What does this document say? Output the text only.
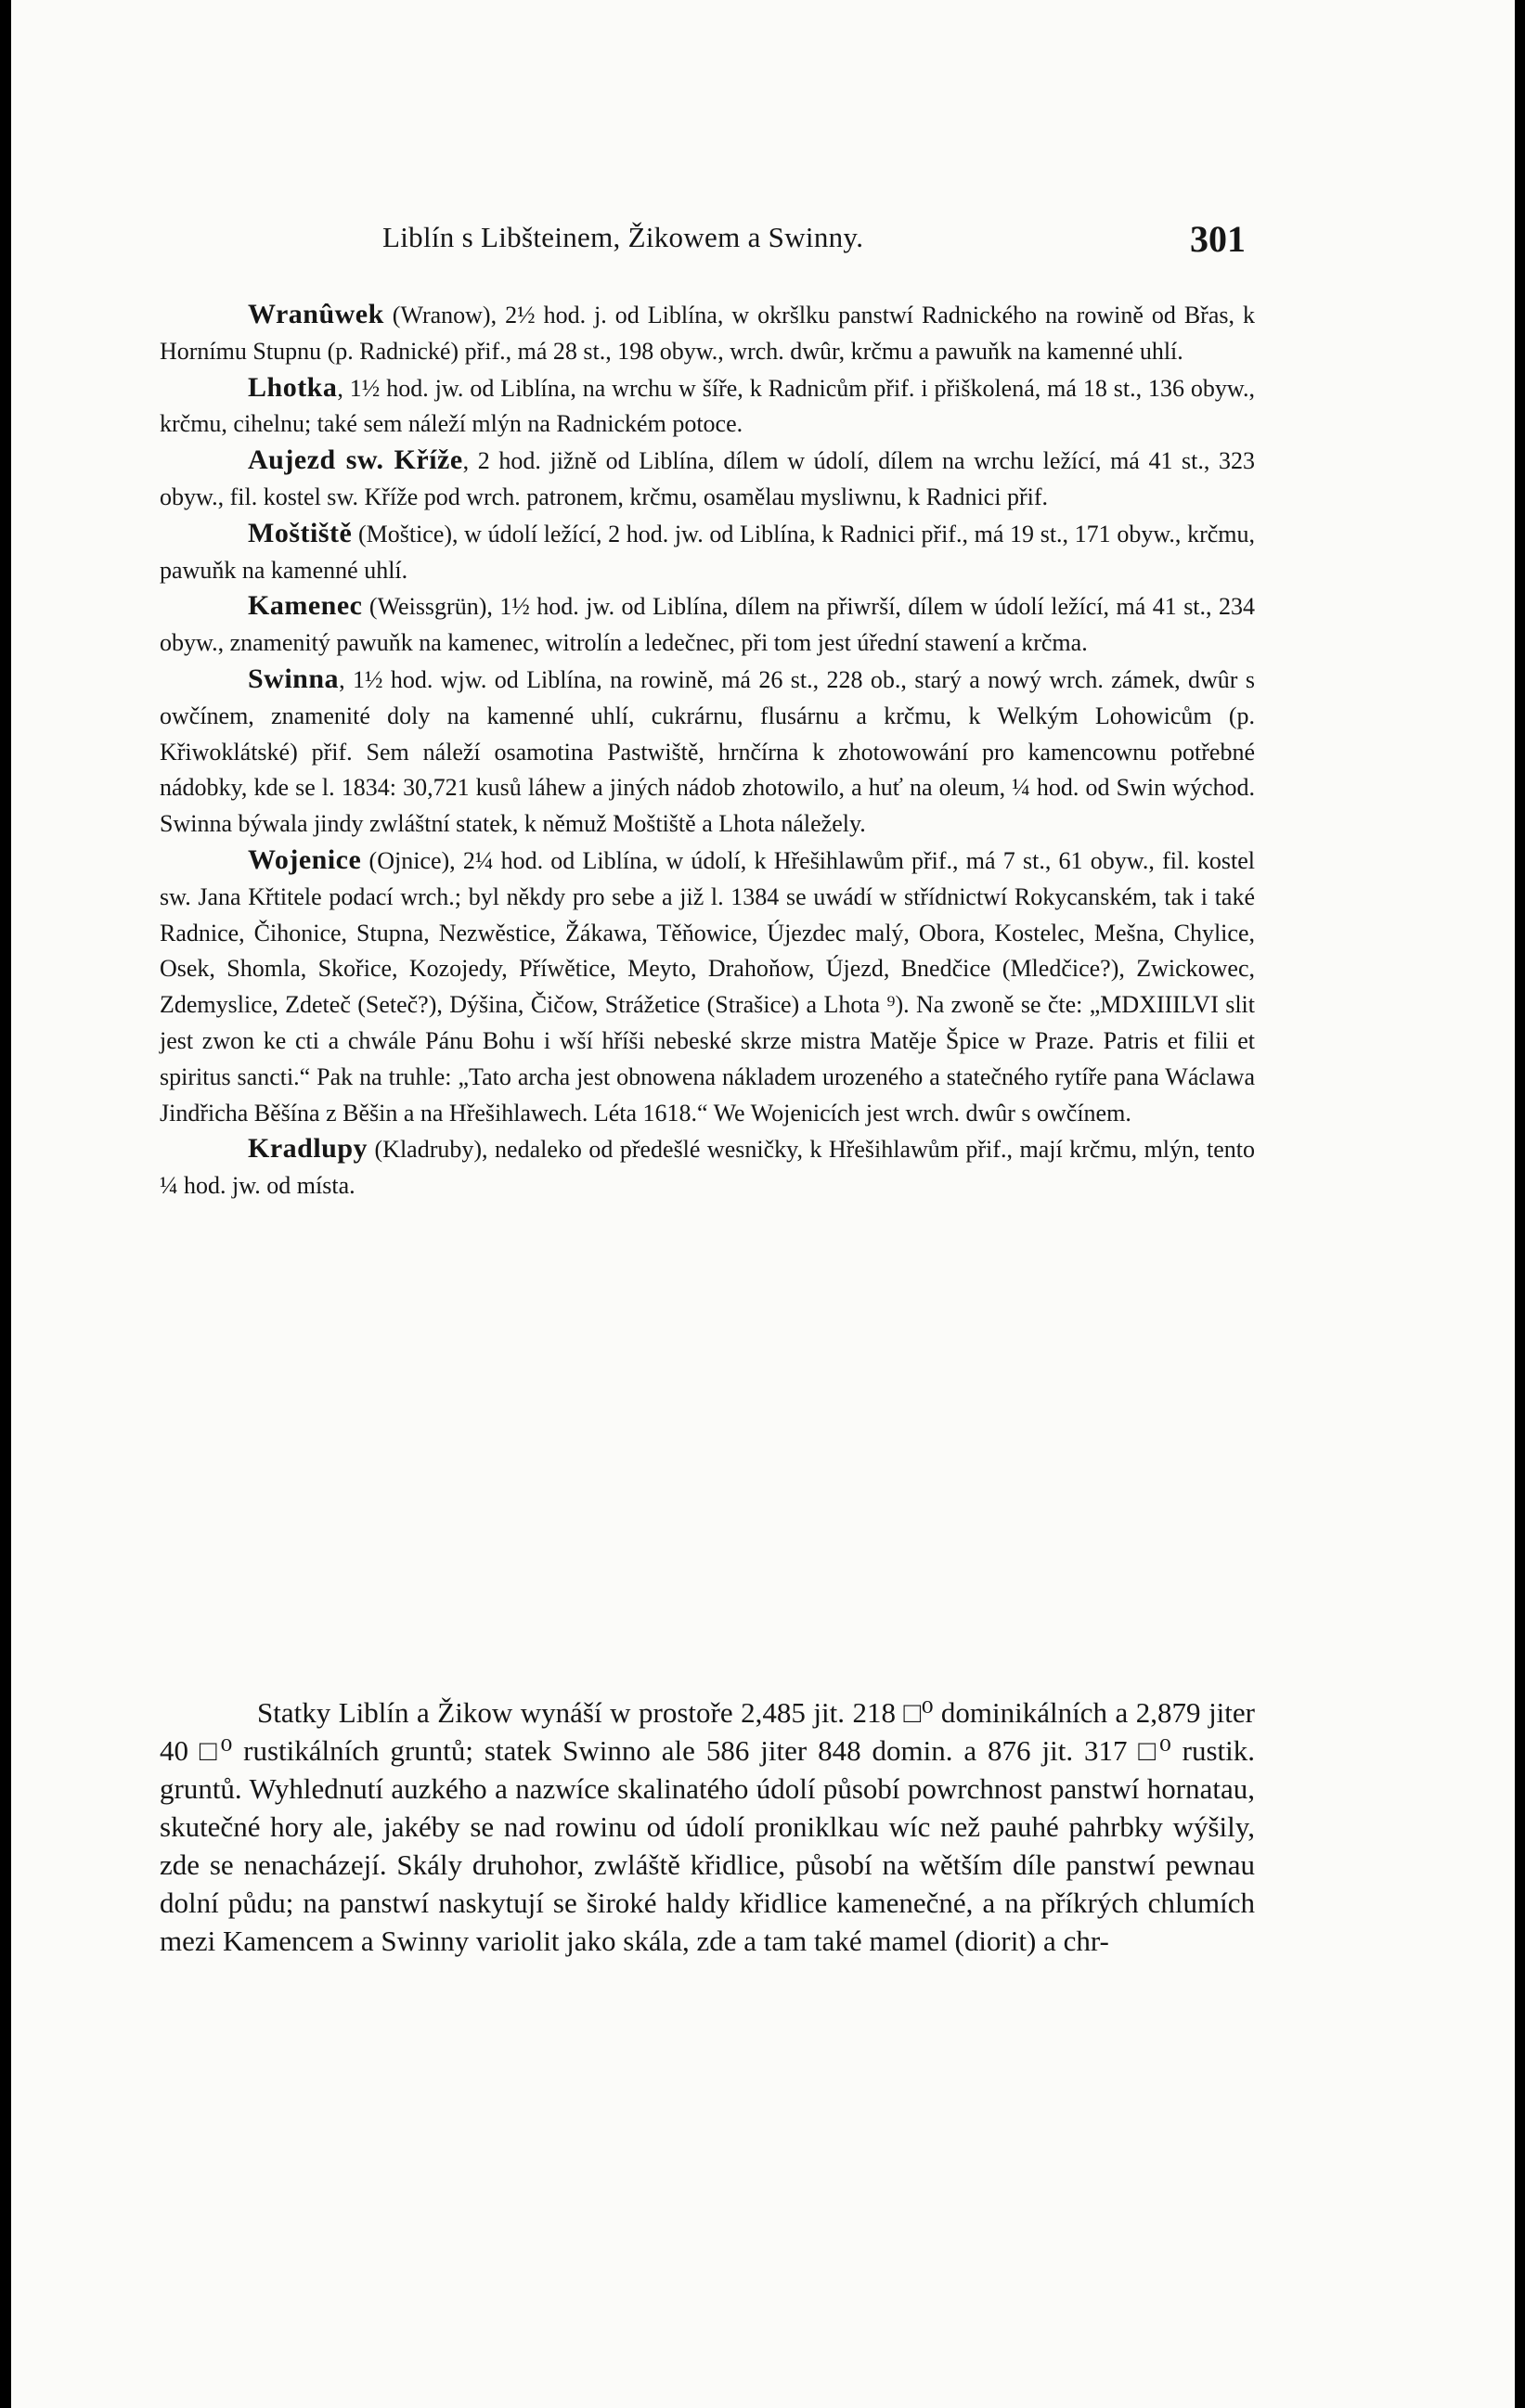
Liblín s Libšteinem, Žikowem a Swinny.	301

Wranûwek (Wranow), 2½ hod. j. od Liblína, w okršlku panstwí Radnického na rowině od Břas, k Hornímu Stupnu (p. Radnické) přif., má 28 st., 198 obyw., wrch. dwûr, krčmu a pawuňk na kamenné uhlí.

Lhotka, 1½ hod. jw. od Liblína, na wrchu w šíře, k Radnicům přif. i přiškolená, má 18 st., 136 obyw., krčmu, cihelnu; také sem náleží mlýn na Radnickém potoce.

Aujezd sw. Kříže, 2 hod. jižně od Liblína, dílem w údolí, dílem na wrchu ležící, má 41 st., 323 obyw., fil. kostel sw. Kříže pod wrch. patronem, krčmu, osamělau mysliwnu, k Radnici přif.

Moštiště (Moštice), w údolí ležící, 2 hod. jw. od Liblína, k Radnici přif., má 19 st., 171 obyw., krčmu, pawuňk na kamenné uhlí.

Kamenec (Weissgrün), 1½ hod. jw. od Liblína, dílem na přiwrší, dílem w údolí ležící, má 41 st., 234 obyw., znamenitý pawuňk na kamenec, witrolín a ledečnec, při tom jest úřední stawení a krčma.

Swinna, 1½ hod. wjw. od Liblína, na rowině, má 26 st., 228 ob., starý a nowý wrch. zámek, dwûr s owčínem, znamenité doly na kamenné uhlí, cukrárnu, flusárnu a krčmu, k Welkým Lohowicům (p. Křiwoklátské) přif. Sem náleží osamotina Pastwiště, hrnčírna k zhotowowání pro kamencownu potřebné nádobky, kde se l. 1834: 30,721 kusů láhew a jiných nádob zhotowilo, a huť na oleum, ¼ hod. od Swin wýchod. Swinna býwala jindy zwláštní statek, k němuž Moštiště a Lhota náležely.

Wojenice (Ojnice), 2¼ hod. od Liblína, w údolí, k Hřešihlawům přif., má 7 st., 61 obyw., fil. kostel sw. Jana Křtitele podací wrch.; byl někdy pro sebe a již l. 1384 se uwádí w střídnictwí Rokycanském, tak i také Radnice, Čihonice, Stupna, Nezwěstice, Žákawa, Těňowice, Újezdec malý, Obora, Kostelec, Mešna, Chylice, Osek, Shomla, Skořice, Kozojedy, Příwětice, Meyto, Drahoňow, Újezd, Bnedčice (Mledčice?), Zwickowec, Zdemyslice, Zdeteč (Seteč?), Dýšina, Čičow, Strážetice (Strašice) a Lhota ⁹). Na zwoně se čte: „MDXIIILVI slit jest zwon ke cti a chwále Pánu Bohu i wší hříši nebeské skrze mistra Matěje Špice w Praze. Patris et filii et spiritus sancti.“ Pak na truhle: „Tato archa jest obnowena nákladem urozeného a statečného rytíře pana Wáclawa Jindřicha Běšína z Běšin a na Hřešihlawech. Léta 1618.“ We Wojenicích jest wrch. dwûr s owčínem.

Kradlupy (Kladruby), nedaleko od předešlé wesničky, k Hřešihlawům přif., mají krčmu, mlýn, tento ¼ hod. jw. od místa.

Statky Liblín a Žikow wynáší w prostoře 2,485 jit. 218 □⁰ dominikálních a 2,879 jiter 40 □⁰ rustikálních gruntů; statek Swinno ale 586 jiter 848 domin. a 876 jit. 317 □⁰ rustik. gruntů. Wyhlednutí auzkého a nazwíce skalinatého údolí působí powrchnost panstwí hornatau, skutečné hory ale, jakéby se nad rowinu od údolí proniklkau wíc než pauhé pahrbky wýšily, zde se nenacházejí. Skály druhohor, zwláště křidlice, působí na wětším díle panstwí pewnau dolní půdu; na panstwí naskytují se široké haldy křidlice kamenečné, a na příkrých chlumích mezi Kamencem a Swinny variolit jako skála, zde a tam také mamel (diorit) a chr-
